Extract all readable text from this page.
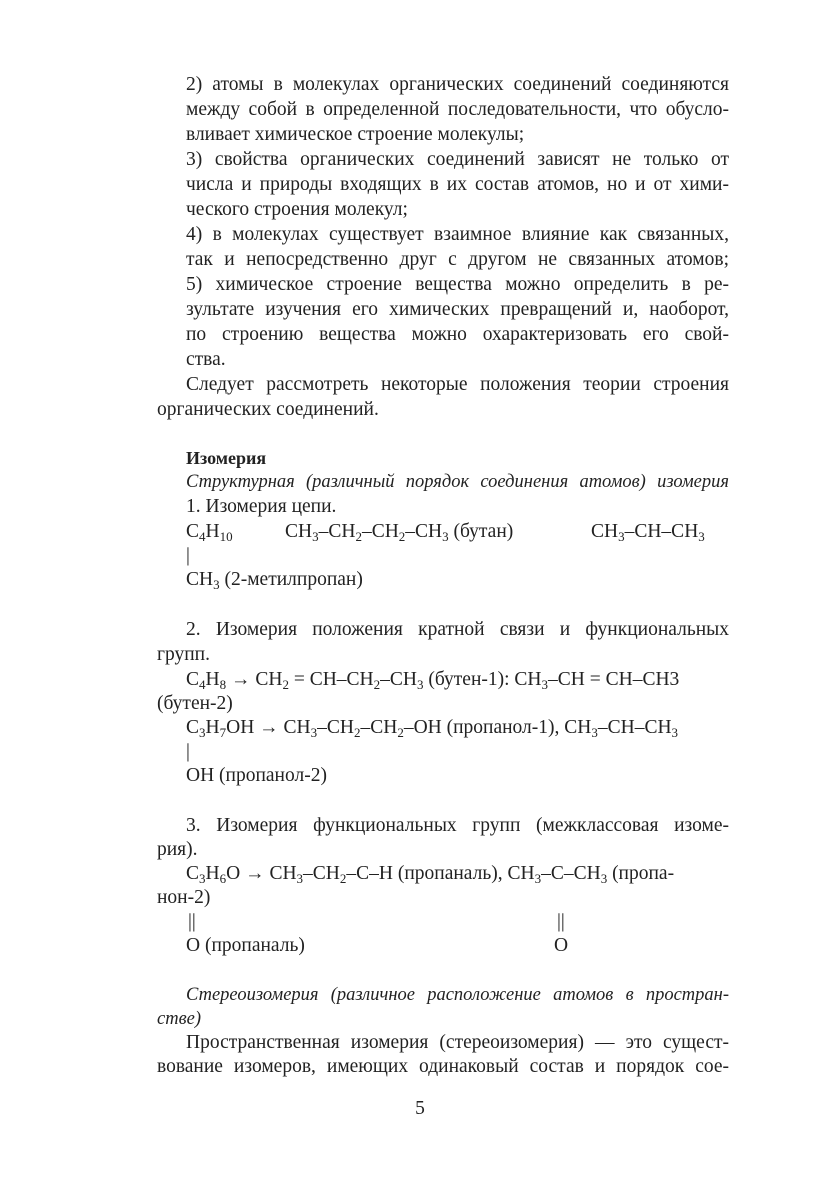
2) атомы в молекулах органических соединений соединяются
между собой в определенной последовательности, что обусло-
вливает химическое строение молекулы;
3) свойства органических соединений зависят не только от
числа и природы входящих в их состав атомов, но и от хими-
ческого строения молекул;
4) в молекулах существует взаимное влияние как связанных,
так и непосредственно друг с другом не связанных атомов;
5) химическое строение вещества можно определить в ре-
зультате изучения его химических превращений и, наоборот,
по строению вещества можно охарактеризовать его свой-
ства.
Следует рассмотреть некоторые положения теории строения
органических соединений.
Изомерия
Структурная (различный порядок соединения атомов) изомерия
1. Изомерия цепи.
$C_4H_{10}$	$CH_3-CH_2-CH_2-CH_3$ (бутан)	$CH_3-CH-CH_3$
|
$CH_3$ (2-метилпропан)
2. Изомерия положения кратной связи и функциональных
групп.
$C_4H_8 \to CH_2 = CH-CH_2-CH_3$ (бутен-1): $CH_3-CH = CH-CH3$
(бутен-2)
$C_3H_7OH \to CH_3-CH_2-CH_2-OH$ (пропанол-1), $CH_3-CH-CH_3$
|
OH (пропанол-2)
3. Изомерия функциональных групп (межклассовая изоме-
рия).
$C_3H_6O \to CH_3-CH_2-C-H$ (пропаналь), $CH_3-C-CH_3$ (пропа-
нон-2)
||	||
O (пропаналь)	O
Стереоизомерия (различное расположение атомов в простран-
стве)
Пространственная изомерия (стереоизомерия) — это сущест-
вование изомеров, имеющих одинаковый состав и порядок сое-
5
